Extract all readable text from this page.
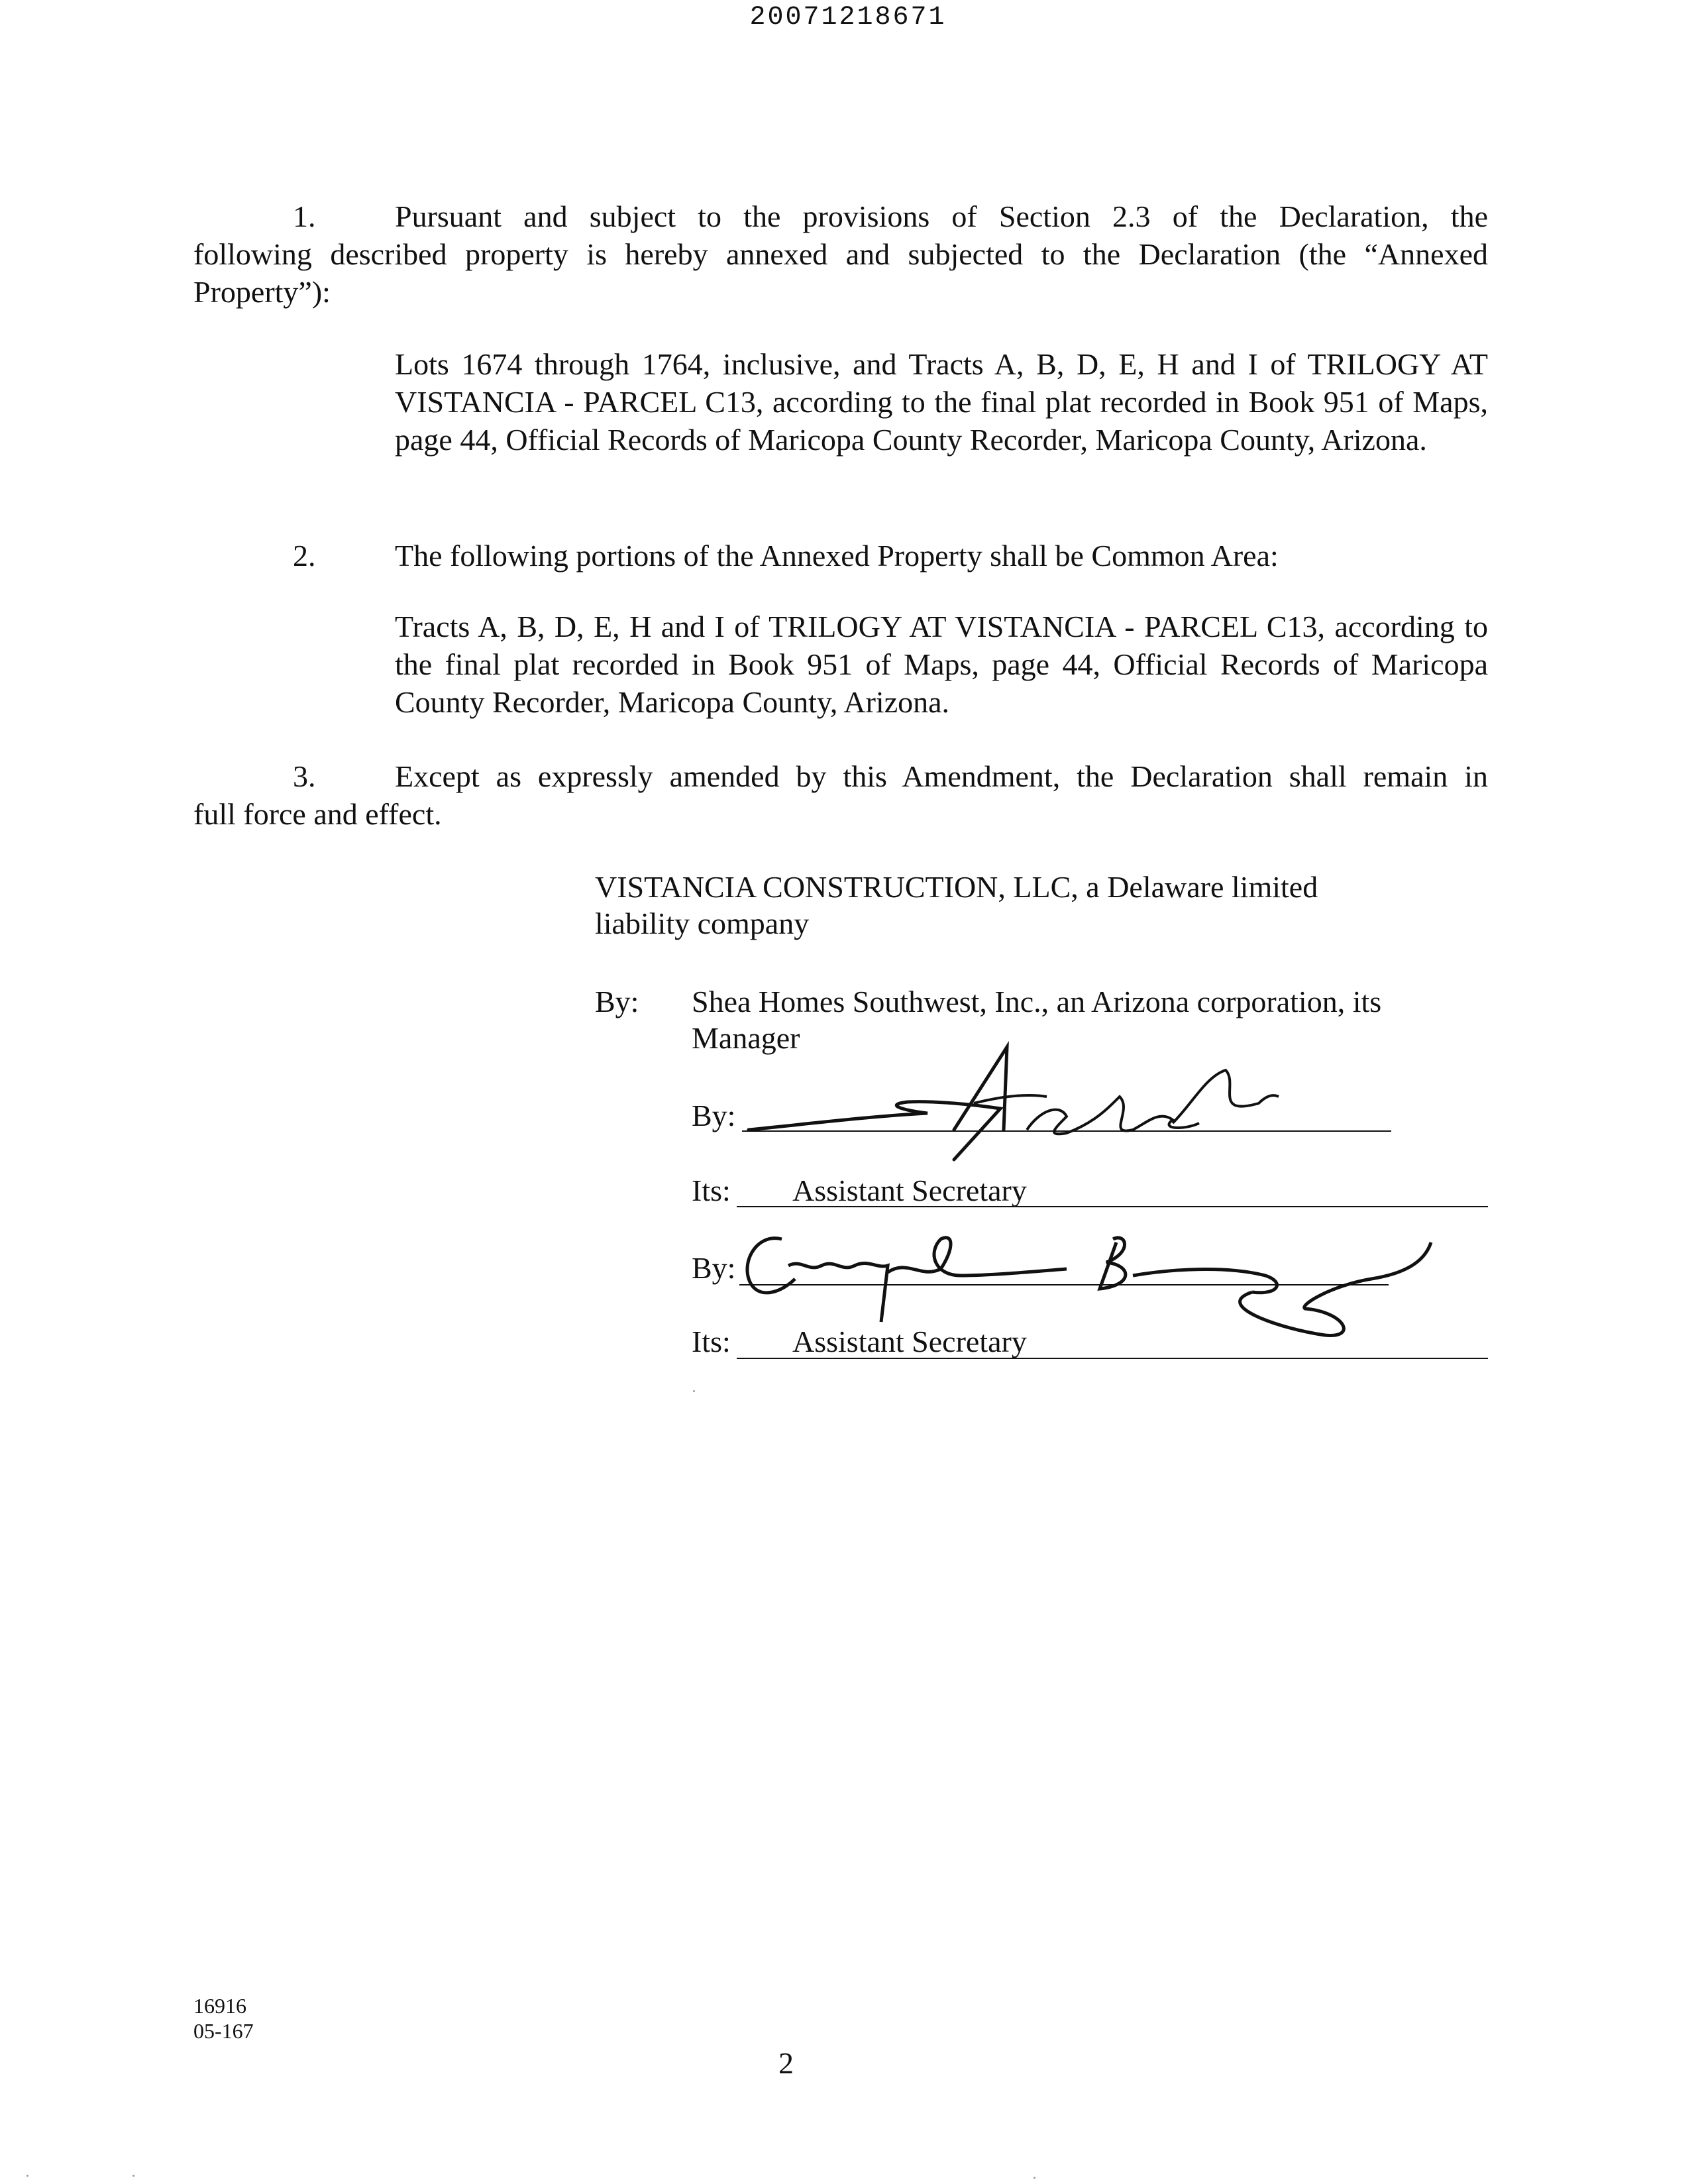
20071218671
1.	Pursuant and subject to the provisions of Section 2.3 of the Declaration, the
following described property is hereby annexed and subjected to the Declaration (the “Annexed Property”):
Lots 1674 through 1764, inclusive, and Tracts A, B, D, E, H and I of TRILOGY AT VISTANCIA - PARCEL C13, according to the final plat recorded in Book 951 of Maps, page 44, Official Records of Maricopa County Recorder, Maricopa County, Arizona.
2.	The following portions of the Annexed Property shall be Common Area:
Tracts A, B, D, E, H and I of TRILOGY AT VISTANCIA - PARCEL C13, according to the final plat recorded in Book 951 of Maps, page 44, Official Records of Maricopa County Recorder, Maricopa County, Arizona.
3.	Except as expressly amended by this Amendment, the Declaration shall remain in
full force and effect.
VISTANCIA CONSTRUCTION, LLC, a Delaware limited
liability company
By: Shea Homes Southwest, Inc., an Arizona corporation, its
Manager
By:
Its: Assistant Secretary
By:
Its: Assistant Secretary
16916
05-167
2
